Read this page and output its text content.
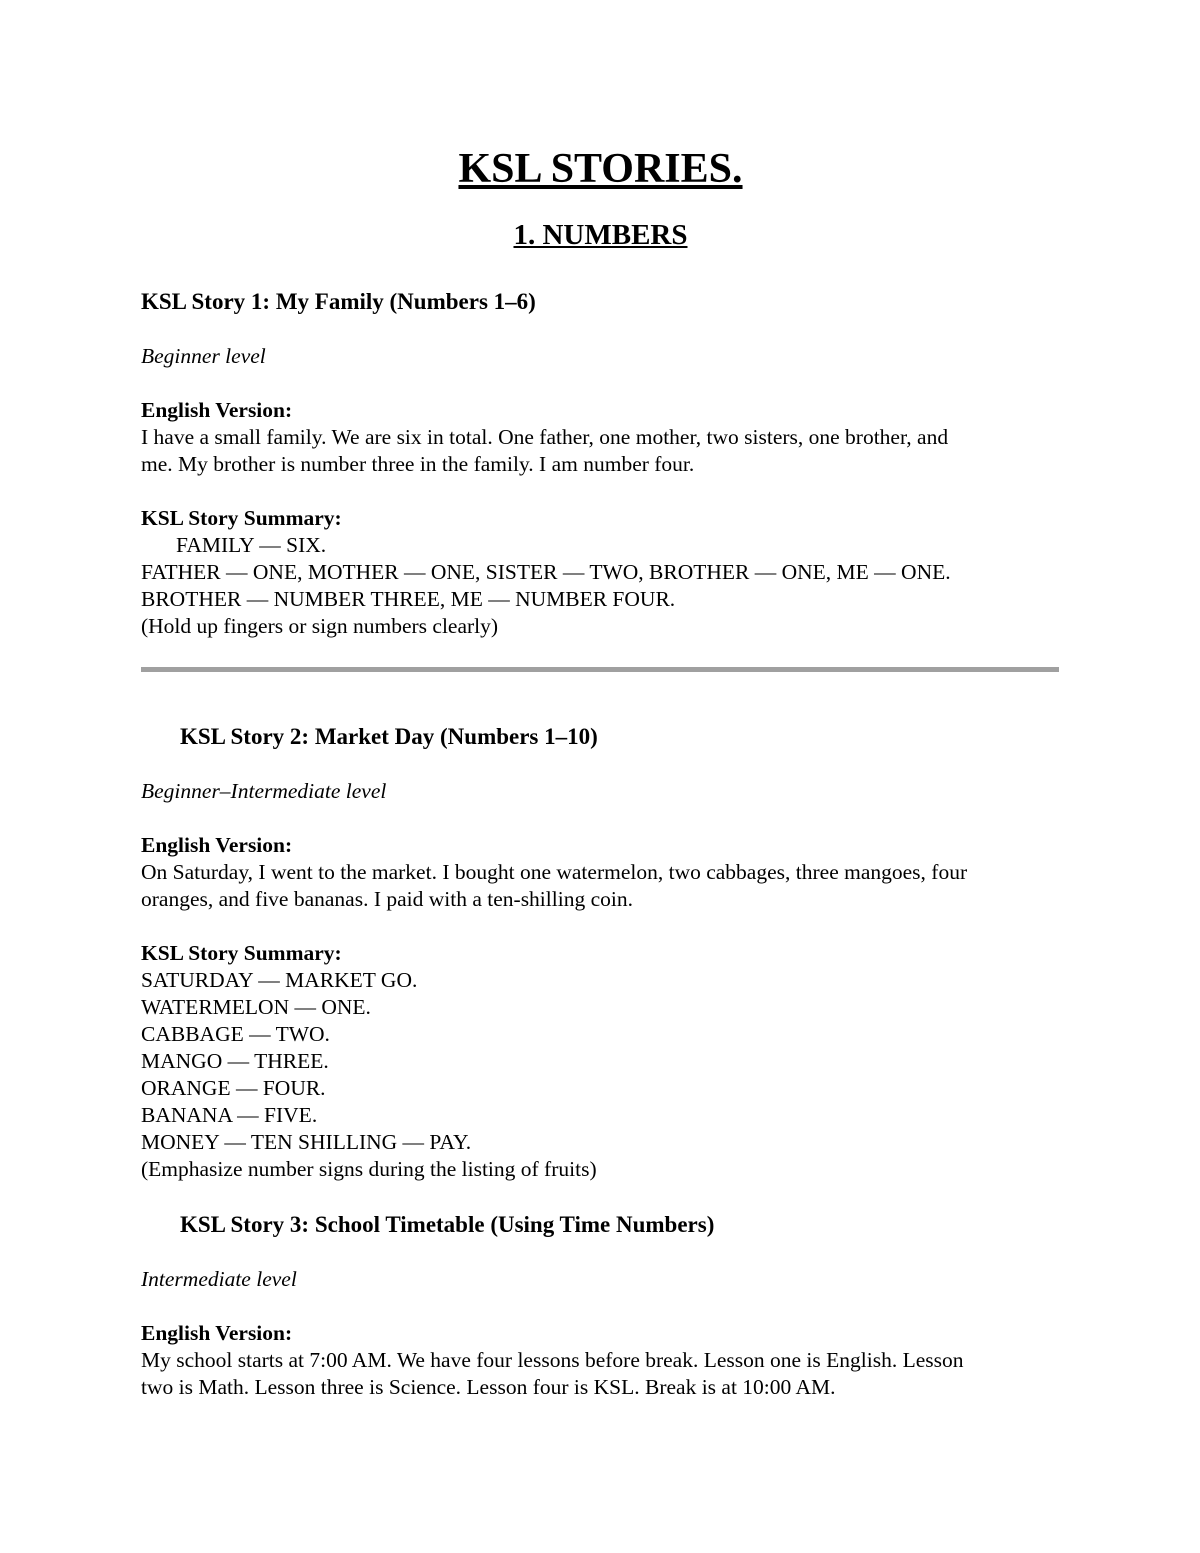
KSL STORIES.
1. NUMBERS
KSL Story 1: My Family (Numbers 1–6)

Beginner level

English Version:

I have a small family. We are six in total. One father, one mother, two sisters, one brother, and

me. My brother is number three in the family. I am number four.

KSL Story Summary:

FAMILY — SIX.

FATHER — ONE, MOTHER — ONE, SISTER — TWO, BROTHER — ONE, ME — ONE.

BROTHER — NUMBER THREE, ME — NUMBER FOUR.

(Hold up fingers or sign numbers clearly)

KSL Story 2: Market Day (Numbers 1–10)

Beginner–Intermediate level

English Version:

On Saturday, I went to the market. I bought one watermelon, two cabbages, three mangoes, four

oranges, and five bananas. I paid with a ten-shilling coin.

KSL Story Summary:

SATURDAY — MARKET GO.

WATERMELON — ONE.

CABBAGE — TWO.

MANGO — THREE.

ORANGE — FOUR.

BANANA — FIVE.

MONEY — TEN SHILLING — PAY.

(Emphasize number signs during the listing of fruits)

KSL Story 3: School Timetable (Using Time Numbers)

Intermediate level

English Version:

My school starts at 7:00 AM. We have four lessons before break. Lesson one is English. Lesson

two is Math. Lesson three is Science. Lesson four is KSL. Break is at 10:00 AM.
